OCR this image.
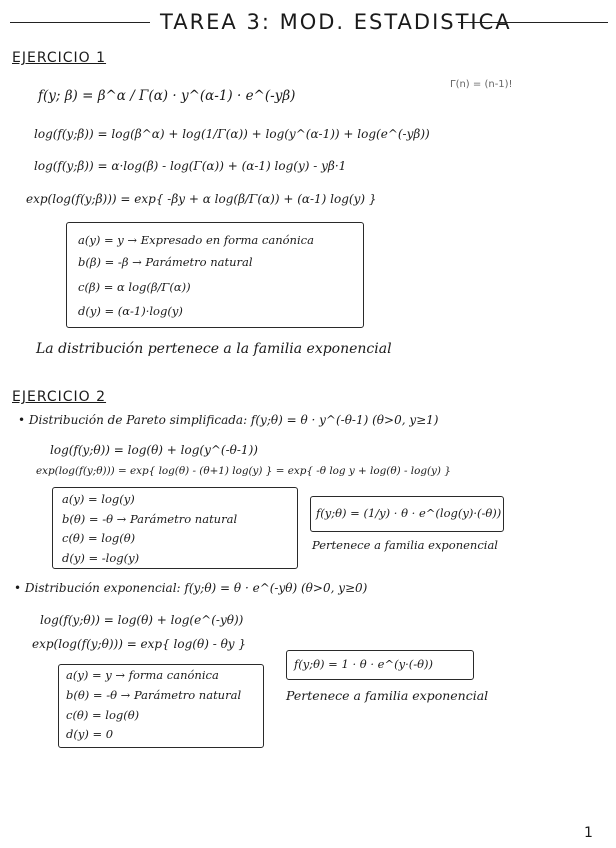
TAREA 3: MOD. ESTADISTICA
EJERCICIO 1
f(y; β) = β^α / Γ(α) · y^(α-1) · e^(-yβ)
Γ(n) = (n-1)!
log(f(y;β)) = log(β^α) + log(1/Γ(α)) + log(y^(α-1)) + log(e^(-yβ))
log(f(y;β)) = α·log(β) - log(Γ(α)) + (α-1) log(y) - yβ·1
exp(log(f(y;β))) = exp{ -βy + α log(β/Γ(α)) + (α-1) log(y) }
a(y) = y → Expresado en forma canónica
b(β) = -β → Parámetro natural
c(β) = α log(β/Γ(α))
d(y) = (α-1)·log(y)
La distribución pertenece a la familia exponencial
EJERCICIO 2
• Distribución de Pareto simplificada: f(y;θ) = θ · y^(-θ-1) (θ>0, y≥1)
log(f(y;θ)) = log(θ) + log(y^(-θ-1))
exp(log(f(y;θ))) = exp{ log(θ) - (θ+1) log(y) } = exp{ -θ log y + log(θ) - log(y) }
a(y) = log(y)
b(θ) = -θ → Parámetro natural
c(θ) = log(θ)
d(y) = -log(y)
f(y;θ) = (1/y) · θ · e^(log(y)·(-θ))
Pertenece a familia exponencial
• Distribución exponencial: f(y;θ) = θ · e^(-yθ) (θ>0, y≥0)
log(f(y;θ)) = log(θ) + log(e^(-yθ))
exp(log(f(y;θ))) = exp{ log(θ) - θy }
a(y) = y → forma canónica
b(θ) = -θ → Parámetro natural
c(θ) = log(θ)
d(y) = 0
f(y;θ) = 1 · θ · e^(y·(-θ))
Pertenece a familia exponencial
1
